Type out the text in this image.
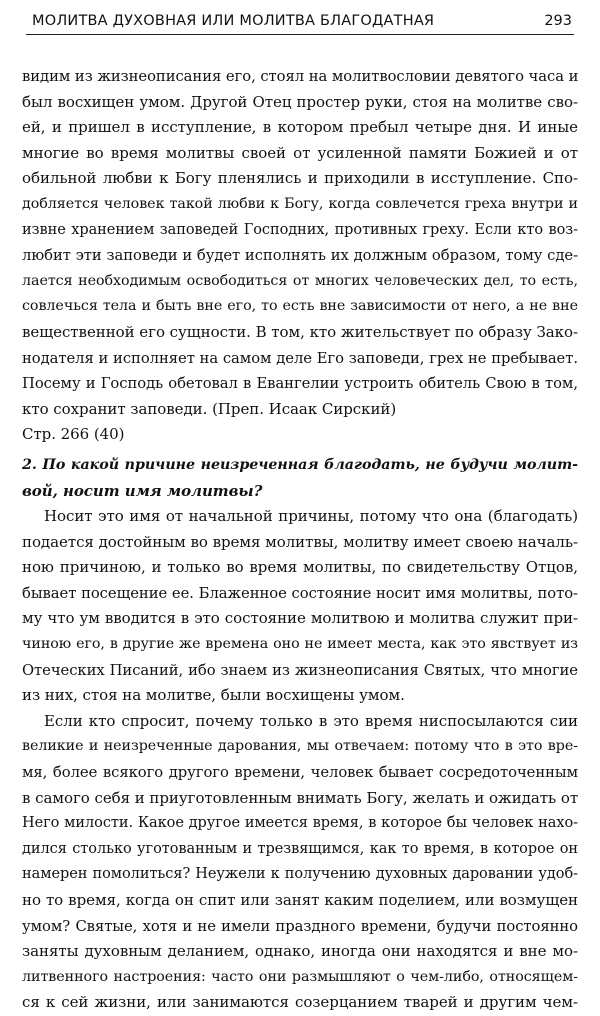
МОЛИТВА ДУХОВНАЯ ИЛИ МОЛИТВА БЛАГОДАТНАЯ	293
видим из жизнеописания его, стоял на молитвословии девятого часа и
был восхищен умом. Другой Отец простер руки, стоя на молитве сво-
ей, и пришел в исступление, в котором пребыл четыре дня. И иные
многие во время молитвы своей от усиленной памяти Божией и от
обильной любви к Богу пленялись и приходили в исступление. Спо-
добляется человек такой любви к Богу, когда совлечется греха внутри и
извне хранением заповедей Господних, противных греху. Если кто воз-
любит эти заповеди и будет исполнять их должным образом, тому сде-
лается необходимым освободиться от многих человеческих дел, то есть,
совлечься тела и быть вне его, то есть вне зависимости от него, а не вне
вещественной его сущности. В том, кто жительствует по образу Зако-
нодателя и исполняет на самом деле Его заповеди, грех не пребывает.
Посему и Господь обетовал в Евангелии устроить обитель Свою в том,
кто сохранит заповеди. (Преп. Исаак Сирский)
Стр. 266 (40)
2. По какой причине неизреченная благодать, не будучи молит-
вой, носит имя молитвы?
Носит это имя от начальной причины, потому что она (благодать)
подается достойным во время молитвы, молитву имеет своею началь-
ною причиною, и только во время молитвы, по свидетельству Отцов,
бывает посещение ее. Блаженное состояние носит имя молитвы, пото-
му что ум вводится в это состояние молитвою и молитва служит при-
чиною его, в другие же времена оно не имеет места, как это явствует из
Отеческих Писаний, ибо знаем из жизнеописания Святых, что многие
из них, стоя на молитве, были восхищены умом.
Если кто спросит, почему только в это время ниспосылаются сии
великие и неизреченные дарования, мы отвечаем: потому что в это вре-
мя, более всякого другого времени, человек бывает сосредоточенным
в самого себя и приуготовленным внимать Богу, желать и ожидать от
Него милости. Какое другое имеется время, в которое бы человек нахо-
дился столько уготованным и трезвящимся, как то время, в которое он
намерен помолиться? Неужели к получению духовных даровании удоб-
но то время, когда он спит или занят каким поделием, или возмущен
умом? Святые, хотя и не имели праздного времени, будучи постоянно
заняты духовным деланием, однако, иногда они находятся и вне мо-
литвенного настроения: часто они размышляют о чем-либо, относящем-
ся к сей жизни, или занимаются созерцанием тварей и другим чем-
